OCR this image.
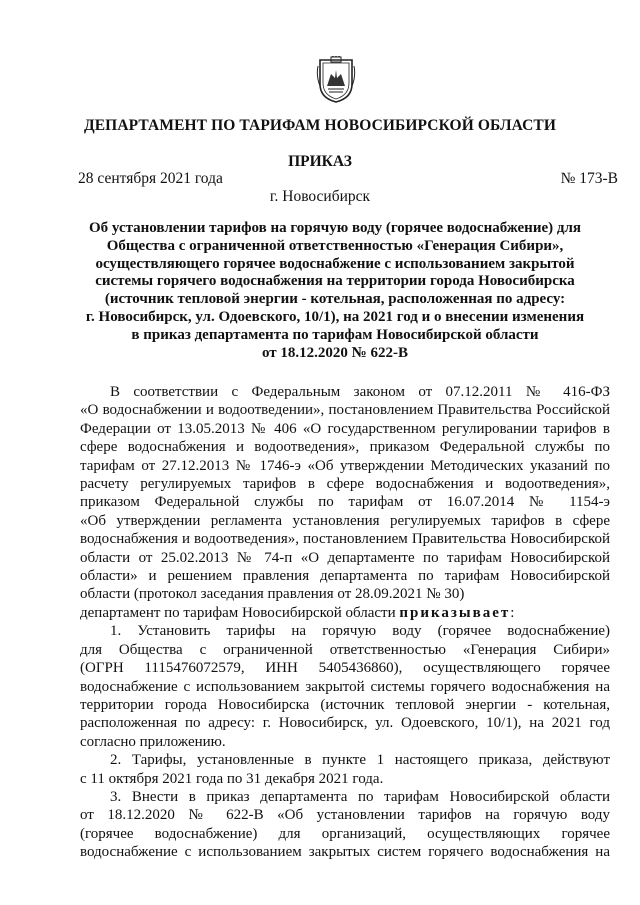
ДЕПАРТАМЕНТ ПО ТАРИФАМ НОВОСИБИРСКОЙ ОБЛАСТИ
ПРИКАЗ
28 сентября 2021 года	№ 173-В
г. Новосибирск
Об установлении тарифов на горячую воду (горячее водоснабжение) для
Общества с ограниченной ответственностью «Генерация Сибири»,
осуществляющего горячее водоснабжение с использованием закрытой
системы горячего водоснабжения на территории города Новосибирска
(источник тепловой энергии - котельная, расположенная по адресу:
г. Новосибирск, ул. Одоевского, 10/1), на 2021 год и о внесении изменения
в приказ департамента по тарифам Новосибирской области
от 18.12.2020 № 622-В
В соответствии с Федеральным законом от 07.12.2011 № 416-ФЗ
«О водоснабжении и водоотведении», постановлением Правительства Российской
Федерации от 13.05.2013 № 406 «О государственном регулировании тарифов в
сфере водоснабжения и водоотведения», приказом Федеральной службы по
тарифам от 27.12.2013 № 1746-э «Об утверждении Методических указаний по
расчету регулируемых тарифов в сфере водоснабжения и водоотведения»,
приказом Федеральной службы по тарифам от 16.07.2014 № 1154-э
«Об утверждении регламента установления регулируемых тарифов в сфере
водоснабжения и водоотведения», постановлением Правительства Новосибирской
области от 25.02.2013 № 74-п «О департаменте по тарифам Новосибирской
области» и решением правления департамента по тарифам Новосибирской
области (протокол заседания правления от 28.09.2021 № 30)
департамент по тарифам Новосибирской области приказывает:
1. Установить тарифы на горячую воду (горячее водоснабжение)
для Общества с ограниченной ответственностью «Генерация Сибири»
(ОГРН 1115476072579, ИНН 5405436860), осуществляющего горячее
водоснабжение с использованием закрытой системы горячего водоснабжения на
территории города Новосибирска (источник тепловой энергии - котельная,
расположенная по адресу: г. Новосибирск, ул. Одоевского, 10/1), на 2021 год
согласно приложению.
2. Тарифы, установленные в пункте 1 настоящего приказа, действуют
с 11 октября 2021 года по 31 декабря 2021 года.
3. Внести в приказ департамента по тарифам Новосибирской области
от 18.12.2020 № 622-В «Об установлении тарифов на горячую воду
(горячее водоснабжение) для организаций, осуществляющих горячее
водоснабжение с использованием закрытых систем горячего водоснабжения на
